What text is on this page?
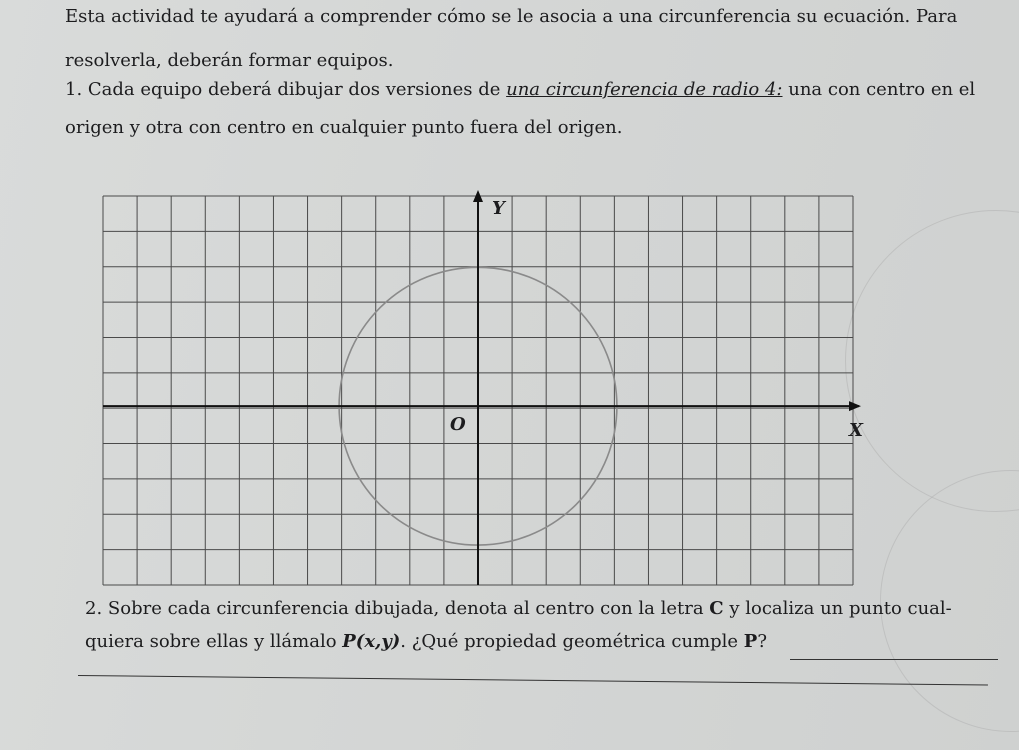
Esta actividad te ayudará a comprender cómo se le asocia a una circunferencia su ecuación. Para
resolverla, deberán formar equipos.
1. Cada equipo deberá dibujar dos versiones de una circunferencia de radio 4: una con centro en el
origen y otra con centro en cualquier punto fuera del origen.
Y
X
O
2. Sobre cada circunferencia dibujada, denota al centro con la letra C y localiza un punto cual-
quiera sobre ellas y llámalo P(x,y). ¿Qué propiedad geométrica cumple P?
